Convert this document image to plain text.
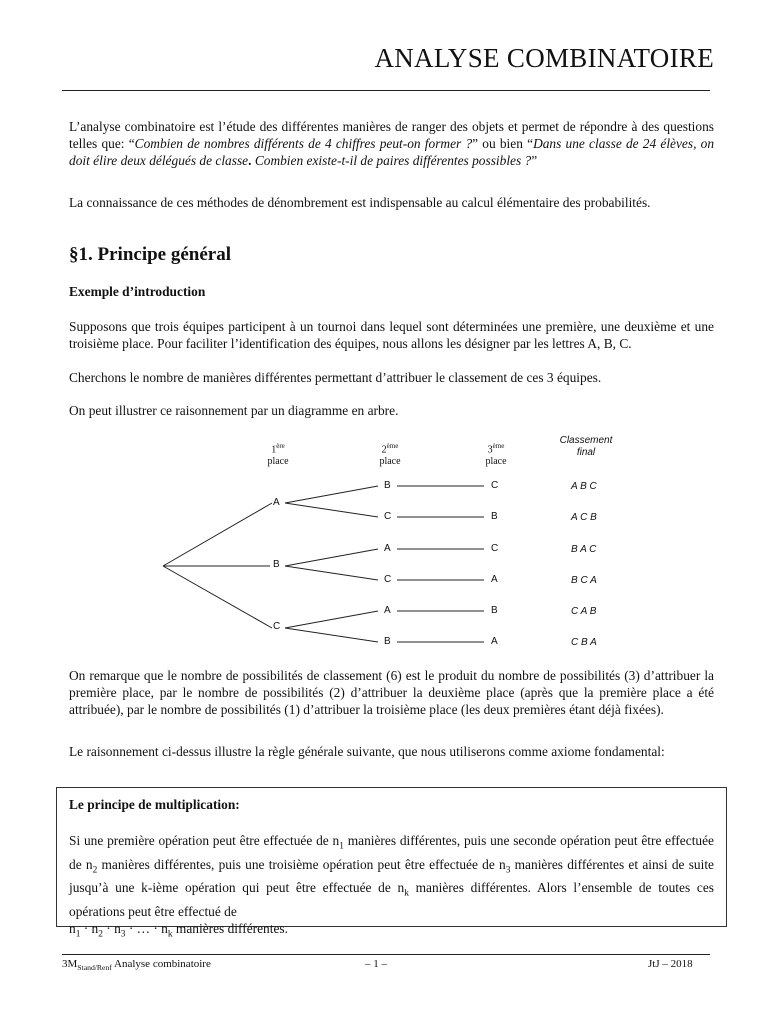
ANALYSE COMBINATOIRE
L’analyse combinatoire est l’étude des différentes manières de ranger des objets et permet de répondre à des questions telles que: “Combien de nombres différents de 4 chiffres peut-on former ?” ou bien “Dans une classe de 24 élèves, on doit élire deux délégués de classe. Combien existe-t-il de paires différentes possibles ?”
La connaissance de ces méthodes de dénombrement est indispensable au calcul élémentaire des probabilités.
§1. Principe général
Exemple d’introduction
Supposons que trois équipes participent à un tournoi dans lequel sont déterminées une première, une deuxième et une troisième place. Pour faciliter l’identification des équipes, nous allons les désigner par les lettres A, B, C.
Cherchons le nombre de manières différentes permettant d’attribuer le classement de ces 3 équipes.
On peut illustrer ce raisonnement par un diagramme en arbre.
1ère
place
2ème
place
3ème
place
Classement
final
A
B
C
B
C
A
C
A
B
C
B
C
A
B
A
A B C
A C B
B A C
B C A
C A B
C B A
On remarque que le nombre de possibilités de classement (6) est le produit du nombre de possibilités (3) d’attribuer la première place, par le nombre de possibilités (2) d’attribuer la deuxième place (après que la première place a été attribuée), par le nombre de possibilités (1) d’attribuer la troisième place (les deux premières étant déjà fixées).
Le raisonnement ci-dessus illustre la règle générale suivante, que nous utiliserons comme axiome fondamental:
Le principe de multiplication:
Si une première opération peut être effectuée de $n_1$ manières différentes, puis une seconde opération peut être effectuée de $n_2$ manières différentes, puis une troisième opération peut être effectuée de $n_3$ manières différentes et ainsi de suite jusqu’à une k-ième opération qui peut être effectuée de $n_k$ manières différentes. Alors l’ensemble de toutes ces opérations peut être effectué de
$n_1 \cdot n_2 \cdot n_3$ · … · $n_k$ manières différentes.
$3M_{Stand/Renf}$ Analyse combinatoire	– 1 –	JtJ – 2018
